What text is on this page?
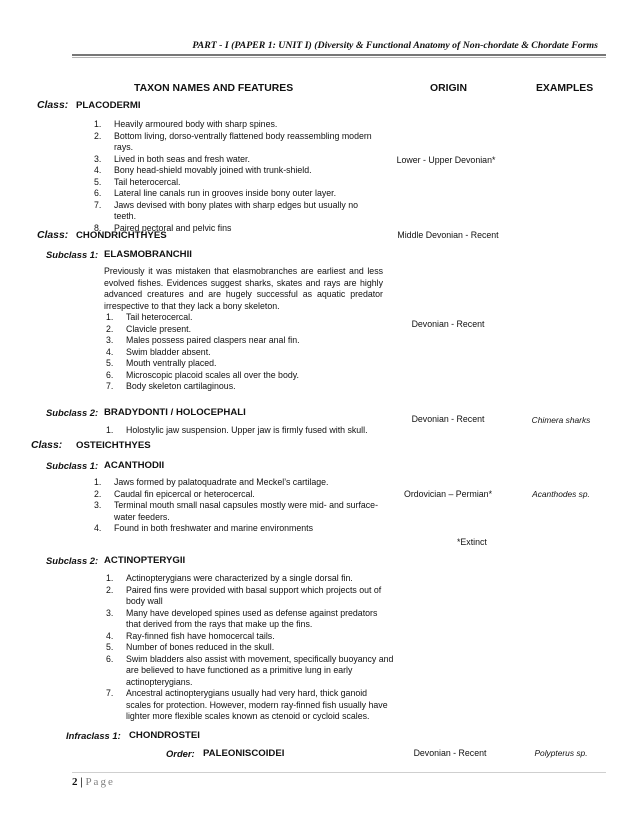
PART - I (PAPER 1: UNIT I) (Diversity & Functional Anatomy of Non-chordate & Chordate Forms
TAXON NAMES AND FEATURES	ORIGIN	EXAMPLES
Class: PLACODERMI
1. Heavily armoured body with sharp spines.
2. Bottom living, dorso-ventrally flattened body reassembling modern rays.
3. Lived in both seas and fresh water.
4. Bony head-shield movably joined with trunk-shield.
5. Tail heterocercal.
6. Lateral line canals run in grooves inside bony outer layer.
7. Jaws devised with bony plates with sharp edges but usually no teeth.
8. Paired pectoral and pelvic fins
Lower - Upper Devonian*
Class: CHONDRICHTHYES	Middle Devonian - Recent
Subclass 1: ELASMOBRANCHII
Previously it was mistaken that elasmobranches are earliest and less evolved fishes. Evidences suggest sharks, skates and rays are highly advanced creatures and are hugely successful as aquatic predator irrespective to that they lack a bony skeleton.
1. Tail heterocercal.
2. Clavicle present.
3. Males possess paired claspers near anal fin.
4. Swim bladder absent.
5. Mouth ventrally placed.
6. Microscopic placoid scales all over the body.
7. Body skeleton cartilaginous.
Devonian - Recent
Subclass 2: BRADYDONTI / HOLOCEPHALI
1. Holostylic jaw suspension. Upper jaw is firmly fused with skull.
Devonian - Recent	Chimera sharks
Class: OSTEICHTHYES
Subclass 1: ACANTHODII
1. Jaws formed by palatoquadrate and Meckel’s cartilage.
2. Caudal fin epicercal or heterocercal.
3. Terminal mouth small nasal capsules mostly were mid- and surface-water feeders.
4. Found in both freshwater and marine environments
Ordovician – Permian*	Acanthodes sp.
*Extinct
Subclass 2: ACTINOPTERYGII
1. Actinopterygians were characterized by a single dorsal fin.
2. Paired fins were provided with basal support which projects out of body wall
3. Many have developed spines used as defense against predators that derived from the rays that make up the fins.
4. Ray-finned fish have homocercal tails.
5. Number of bones reduced in the skull.
6. Swim bladders also assist with movement, specifically buoyancy and are believed to have functioned as a primitive lung in early actinopterygians.
7. Ancestral actinopterygians usually had very hard, thick ganoid scales for protection. However, modern ray-finned fish usually have lighter more flexible scales known as ctenoid or cycloid scales.
Infraclass 1: CHONDROSTEI
Order: PALEONISCOIDEI	Devonian - Recent	Polypterus sp.
2 | Page
